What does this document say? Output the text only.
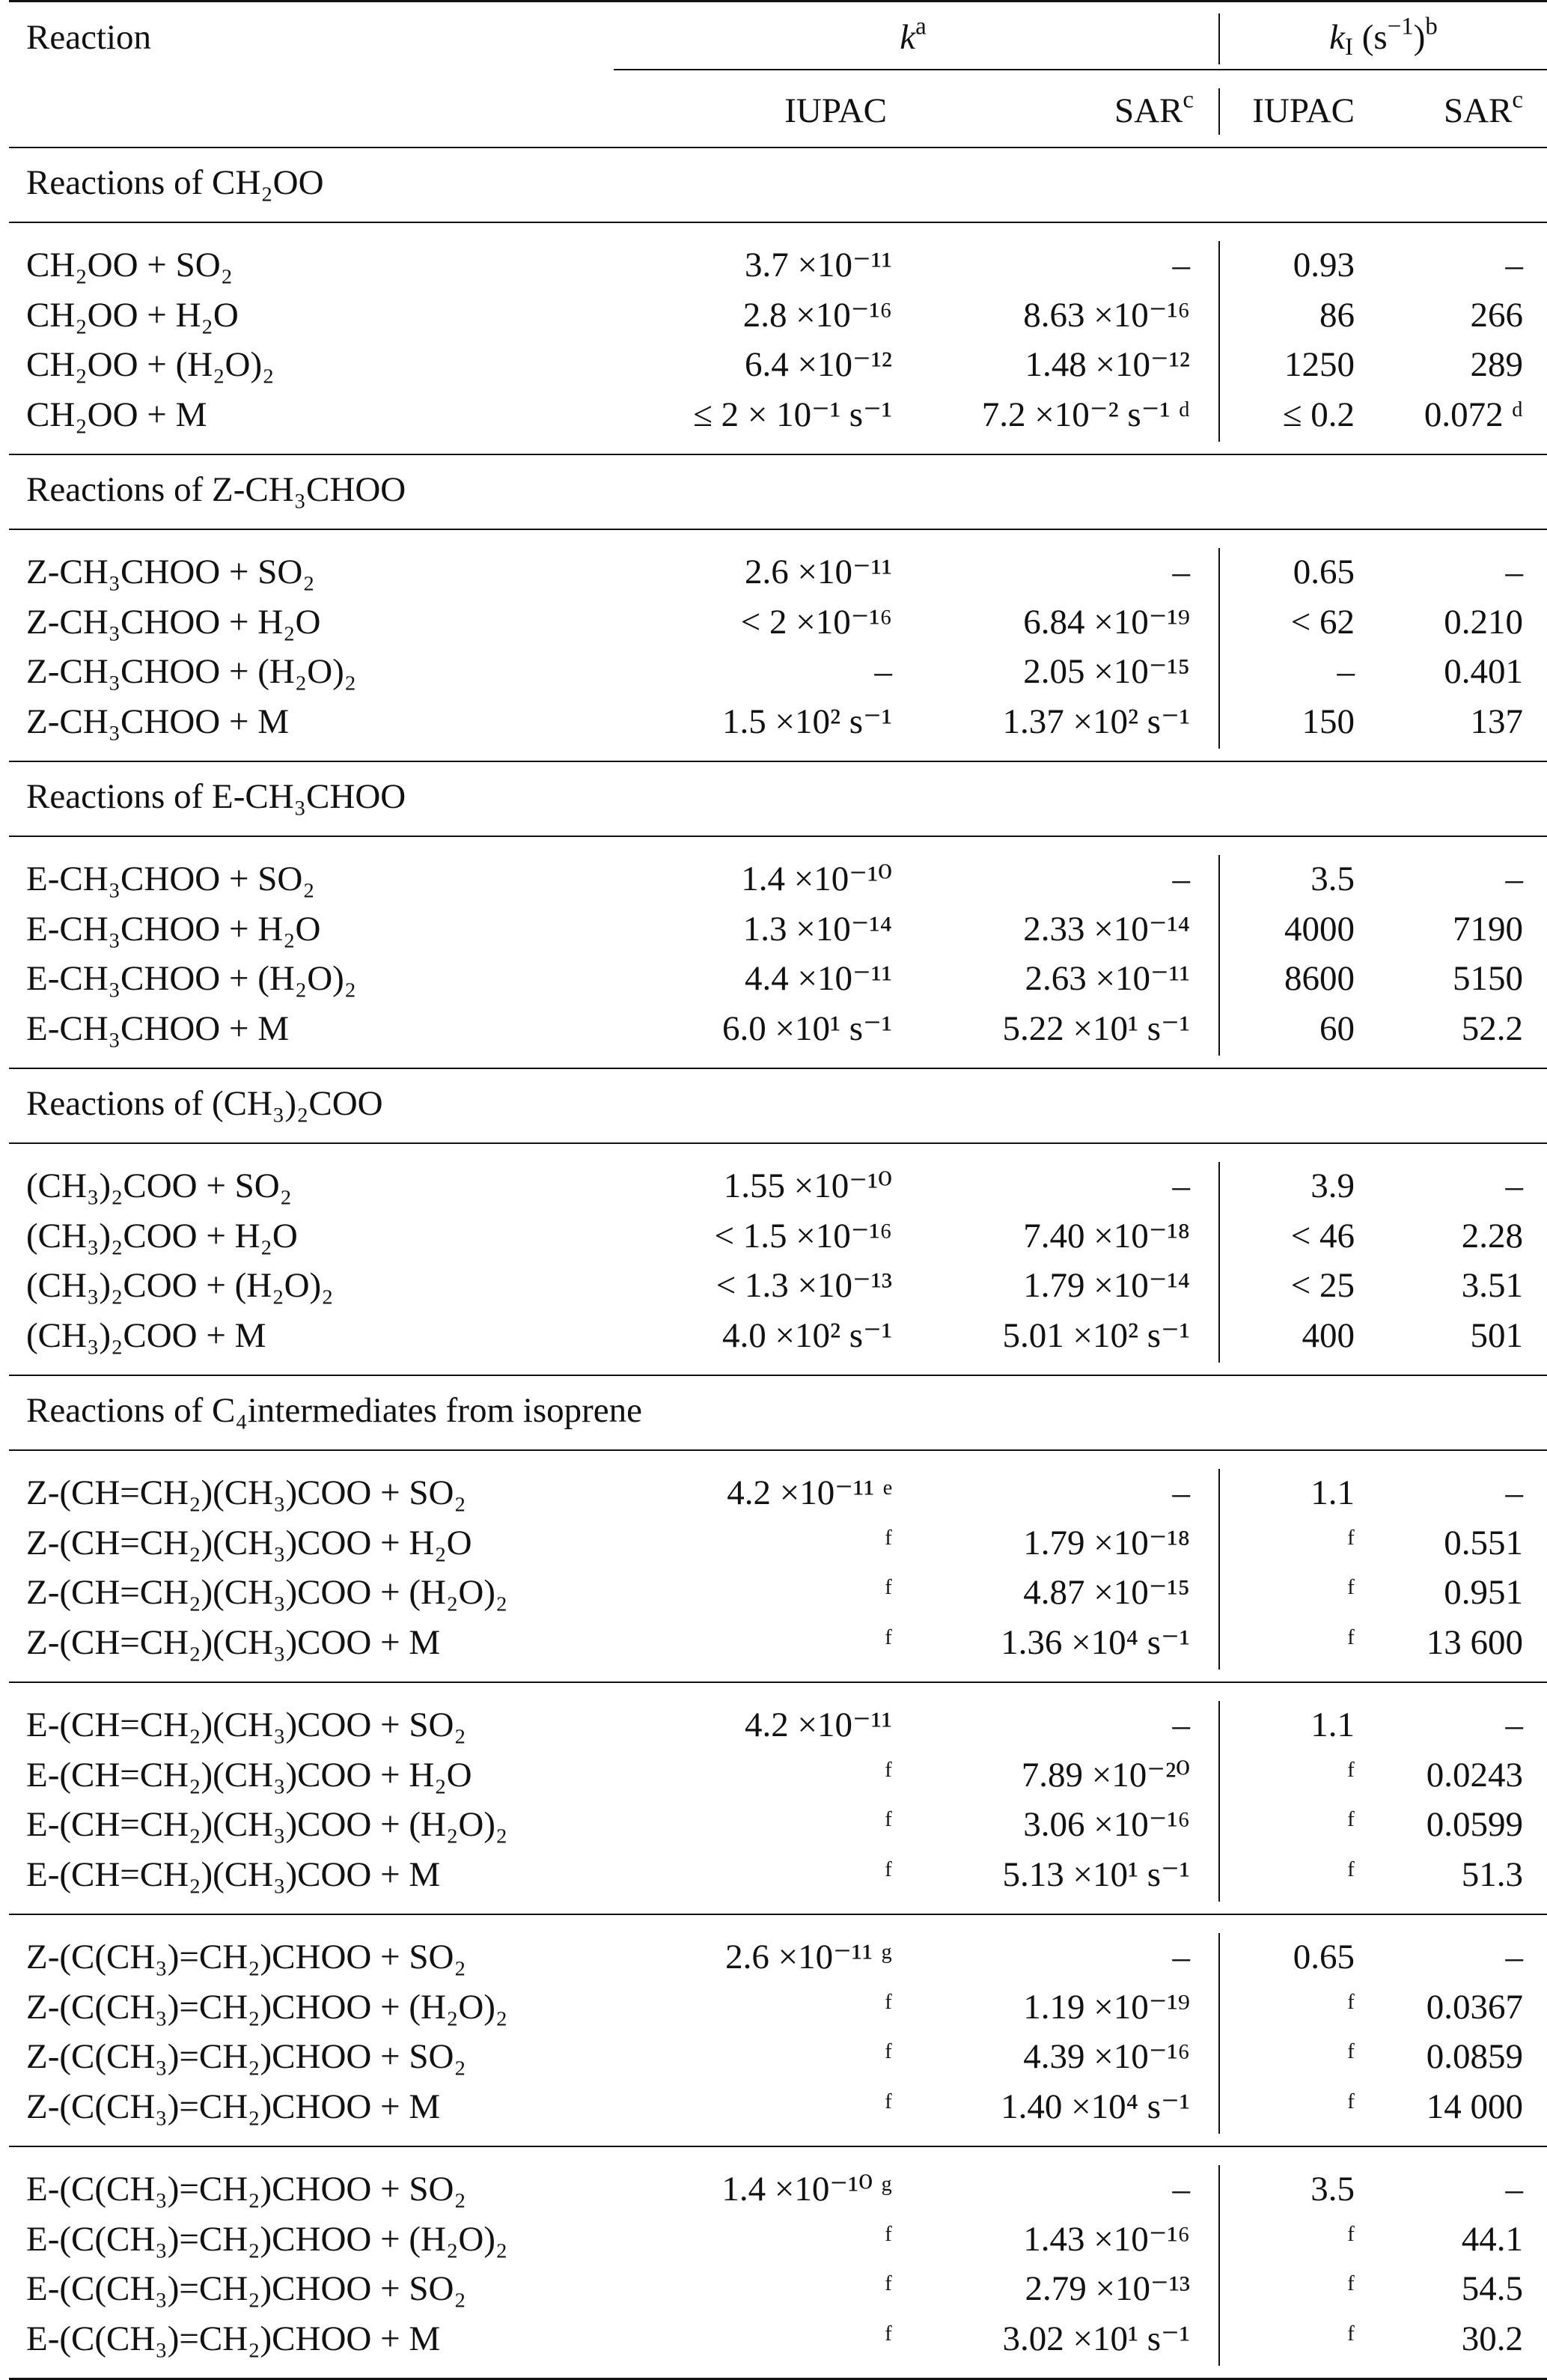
Reaction	$k^a$	$k_I$ $(s^{-1})^b$
IUPAC	SAR$^c$	IUPAC	SAR$^c$
Reactions of CH₂OO
CH₂OO + SO₂	3.7 ×10⁻¹¹	–	0.93	–
CH₂OO + H₂O	2.8 ×10⁻¹⁶	8.63 ×10⁻¹⁶	86	266
CH₂OO + (H₂O)₂	6.4 ×10⁻¹²	1.48 ×10⁻¹²	1250	289
CH₂OO + M	≤ 2 × 10⁻¹ s⁻¹	7.2 ×10⁻² s⁻¹ ᵈ	≤ 0.2	0.072 ᵈ
Reactions of Z-CH₃CHOO
Z-CH₃CHOO + SO₂	2.6 ×10⁻¹¹	–	0.65	–
Z-CH₃CHOO + H₂O	< 2 ×10⁻¹⁶	6.84 ×10⁻¹⁹	< 62	0.210
Z-CH₃CHOO + (H₂O)₂	–	2.05 ×10⁻¹⁵	–	0.401
Z-CH₃CHOO + M	1.5 ×10² s⁻¹	1.37 ×10² s⁻¹	150	137
Reactions of E-CH₃CHOO
E-CH₃CHOO + SO₂	1.4 ×10⁻¹⁰	–	3.5	–
E-CH₃CHOO + H₂O	1.3 ×10⁻¹⁴	2.33 ×10⁻¹⁴	4000	7190
E-CH₃CHOO + (H₂O)₂	4.4 ×10⁻¹¹	2.63 ×10⁻¹¹	8600	5150
E-CH₃CHOO + M	6.0 ×10¹ s⁻¹	5.22 ×10¹ s⁻¹	60	52.2
Reactions of (CH₃)₂COO
(CH₃)₂COO + SO₂	1.55 ×10⁻¹⁰	–	3.9	–
(CH₃)₂COO + H₂O	< 1.5 ×10⁻¹⁶	7.40 ×10⁻¹⁸	< 46	2.28
(CH₃)₂COO + (H₂O)₂	< 1.3 ×10⁻¹³	1.79 ×10⁻¹⁴	< 25	3.51
(CH₃)₂COO + M	4.0 ×10² s⁻¹	5.01 ×10² s⁻¹	400	501
Reactions of C₄intermediates from isoprene
Z-(CH=CH₂)(CH₃)COO + SO₂	4.2 ×10⁻¹¹ ᵉ	–	1.1	–
Z-(CH=CH₂)(CH₃)COO + H₂O	ᶠ	1.79 ×10⁻¹⁸	ᶠ	0.551
Z-(CH=CH₂)(CH₃)COO + (H₂O)₂	ᶠ	4.87 ×10⁻¹⁵	ᶠ	0.951
Z-(CH=CH₂)(CH₃)COO + M	ᶠ	1.36 ×10⁴ s⁻¹	ᶠ	13 600
E-(CH=CH₂)(CH₃)COO + SO₂	4.2 ×10⁻¹¹	–	1.1	–
E-(CH=CH₂)(CH₃)COO + H₂O	ᶠ	7.89 ×10⁻²⁰	ᶠ	0.0243
E-(CH=CH₂)(CH₃)COO + (H₂O)₂	ᶠ	3.06 ×10⁻¹⁶	ᶠ	0.0599
E-(CH=CH₂)(CH₃)COO + M	ᶠ	5.13 ×10¹ s⁻¹	ᶠ	51.3
Z-(C(CH₃)=CH₂)CHOO + SO₂	2.6 ×10⁻¹¹ ᵍ	–	0.65	–
Z-(C(CH₃)=CH₂)CHOO + (H₂O)₂	ᶠ	1.19 ×10⁻¹⁹	ᶠ	0.0367
Z-(C(CH₃)=CH₂)CHOO + SO₂	ᶠ	4.39 ×10⁻¹⁶	ᶠ	0.0859
Z-(C(CH₃)=CH₂)CHOO + M	ᶠ	1.40 ×10⁴ s⁻¹	ᶠ	14 000
E-(C(CH₃)=CH₂)CHOO + SO₂	1.4 ×10⁻¹⁰ ᵍ	–	3.5	–
E-(C(CH₃)=CH₂)CHOO + (H₂O)₂	ᶠ	1.43 ×10⁻¹⁶	ᶠ	44.1
E-(C(CH₃)=CH₂)CHOO + SO₂	ᶠ	2.79 ×10⁻¹³	ᶠ	54.5
E-(C(CH₃)=CH₂)CHOO + M	ᶠ	3.02 ×10¹ s⁻¹	ᶠ	30.2
